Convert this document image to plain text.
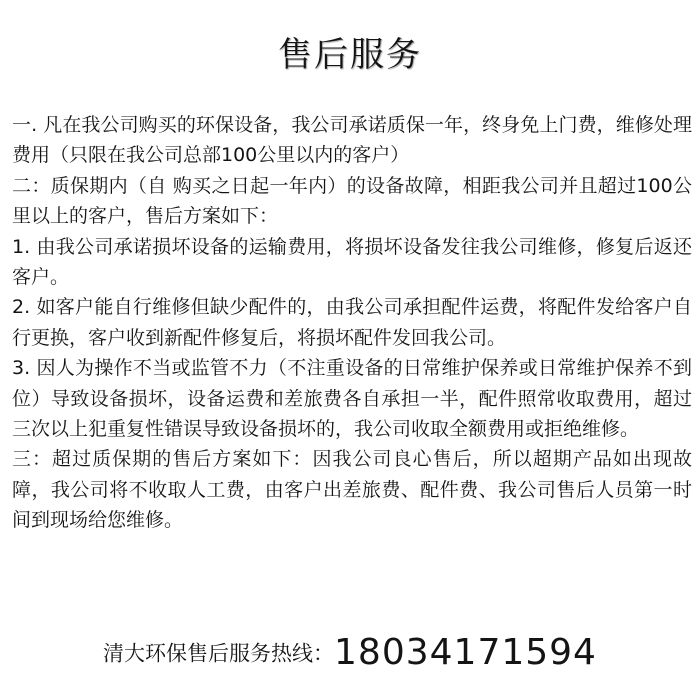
售后服务

一. 凡在我公司购买的环保设备，我公司承诺质保一年，终身免上门费，维修处理费用（只限在我公司总部100公里以内的客户）

二：质保期内（自 购买之日起一年内）的设备故障，相距我公司并且超过100公里以上的客户，售后方案如下：

1. 由我公司承诺损坏设备的运输费用，将损坏设备发往我公司维修，修复后返还客户。

2. 如客户能自行维修但缺少配件的，由我公司承担配件运费，将配件发给客户自行更换，客户收到新配件修复后，将损坏配件发回我公司。

3. 因人为操作不当或监管不力（不注重设备的日常维护保养或日常维护保养不到位）导致设备损坏，设备运费和差旅费各自承担一半，配件照常收取费用，超过三次以上犯重复性错误导致设备损坏的，我公司收取全额费用或拒绝维修。

三：超过质保期的售后方案如下：因我公司良心售后，所以超期产品如出现故障，我公司将不收取人工费，由客户出差旅费、配件费、我公司售后人员第一时间到现场给您维修。

清大环保售后服务热线：18034171594
